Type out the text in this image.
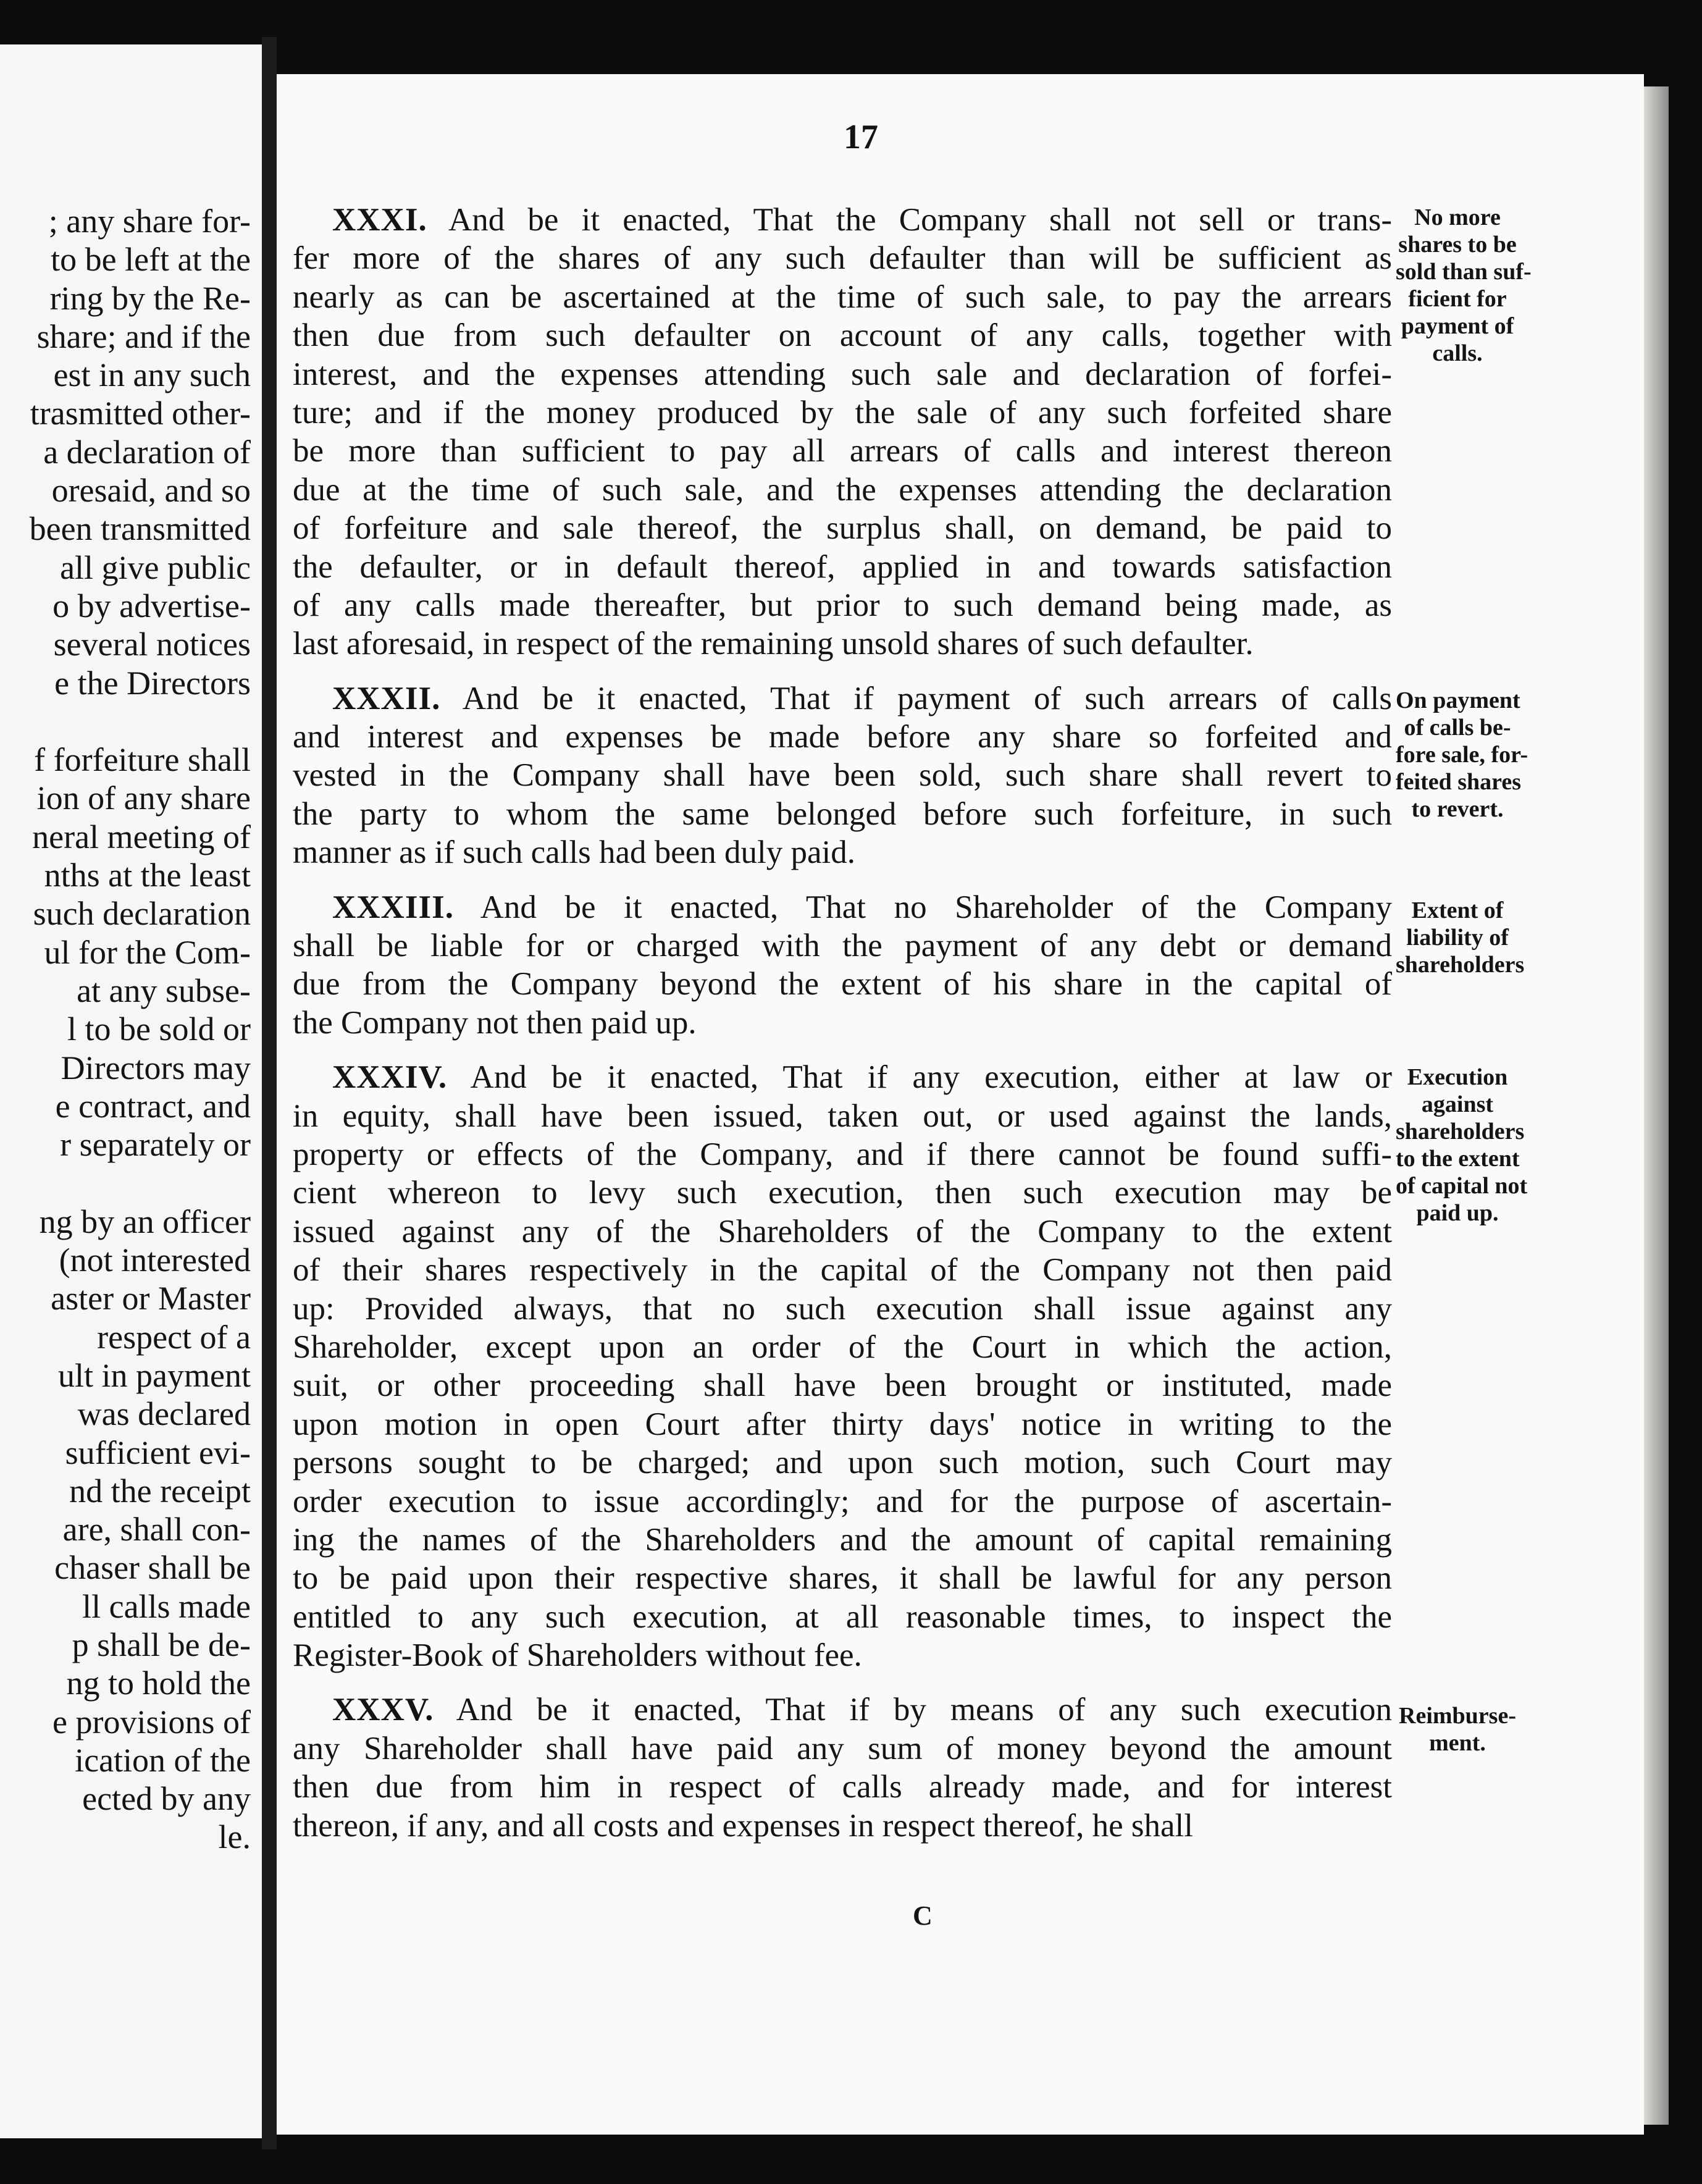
; any share for-
to be left at the
ring by the Re-
share; and if the
est in any such
trasmitted other-
a declaration of
oresaid, and so
been transmitted
all give public
o by advertise-
several notices
e the Directors
f forfeiture shall
ion of any share
neral meeting of
nths at the least
such declaration
ul for the Com-
at any subse-
l to be sold or
Directors may
e contract, and
r separately or
ng by an officer
(not interested
aster or Master
respect of a
ult in payment
was declared
sufficient evi-
nd the receipt
are, shall con-
chaser shall be
ll calls made
p shall be de-
ng to hold the
e provisions of
ication of the
ected by any
le.
17
XXXI. And be it enacted, That the Company shall not sell or trans-
fer more of the shares of any such defaulter than will be sufficient as
nearly as can be ascertained at the time of such sale, to pay the arrears
then due from such defaulter on account of any calls, together with
interest, and the expenses attending such sale and declaration of forfei-
ture; and if the money produced by the sale of any such forfeited share
be more than sufficient to pay all arrears of calls and interest thereon
due at the time of such sale, and the expenses attending the declaration
of forfeiture and sale thereof, the surplus shall, on demand, be paid to
the defaulter, or in default thereof, applied in and towards satisfaction
of any calls made thereafter, but prior to such demand being made, as
last aforesaid, in respect of the remaining unsold shares of such defaulter.
XXXII. And be it enacted, That if payment of such arrears of calls
and interest and expenses be made before any share so forfeited and
vested in the Company shall have been sold, such share shall revert to
the party to whom the same belonged before such forfeiture, in such
manner as if such calls had been duly paid.
XXXIII. And be it enacted, That no Shareholder of the Company
shall be liable for or charged with the payment of any debt or demand
due from the Company beyond the extent of his share in the capital of
the Company not then paid up.
XXXIV. And be it enacted, That if any execution, either at law or
in equity, shall have been issued, taken out, or used against the lands,
property or effects of the Company, and if there cannot be found suffi-
cient whereon to levy such execution, then such execution may be
issued against any of the Shareholders of the Company to the extent
of their shares respectively in the capital of the Company not then paid
up: Provided always, that no such execution shall issue against any
Shareholder, except upon an order of the Court in which the action,
suit, or other proceeding shall have been brought or instituted, made
upon motion in open Court after thirty days' notice in writing to the
persons sought to be charged; and upon such motion, such Court may
order execution to issue accordingly; and for the purpose of ascertain-
ing the names of the Shareholders and the amount of capital remaining
to be paid upon their respective shares, it shall be lawful for any person
entitled to any such execution, at all reasonable times, to inspect the
Register-Book of Shareholders without fee.
XXXV. And be it enacted, That if by means of any such execution
any Shareholder shall have paid any sum of money beyond the amount
then due from him in respect of calls already made, and for interest
thereon, if any, and all costs and expenses in respect thereof, he shall
No more
shares to be
sold than suf-
ficient for
payment of
calls.
On payment
of calls be-
fore sale, for-
feited shares
to revert.
Extent of
liability of
shareholders
Execution
against
shareholders
to the extent
of capital not
paid up.
Reimburse-
ment.
C
